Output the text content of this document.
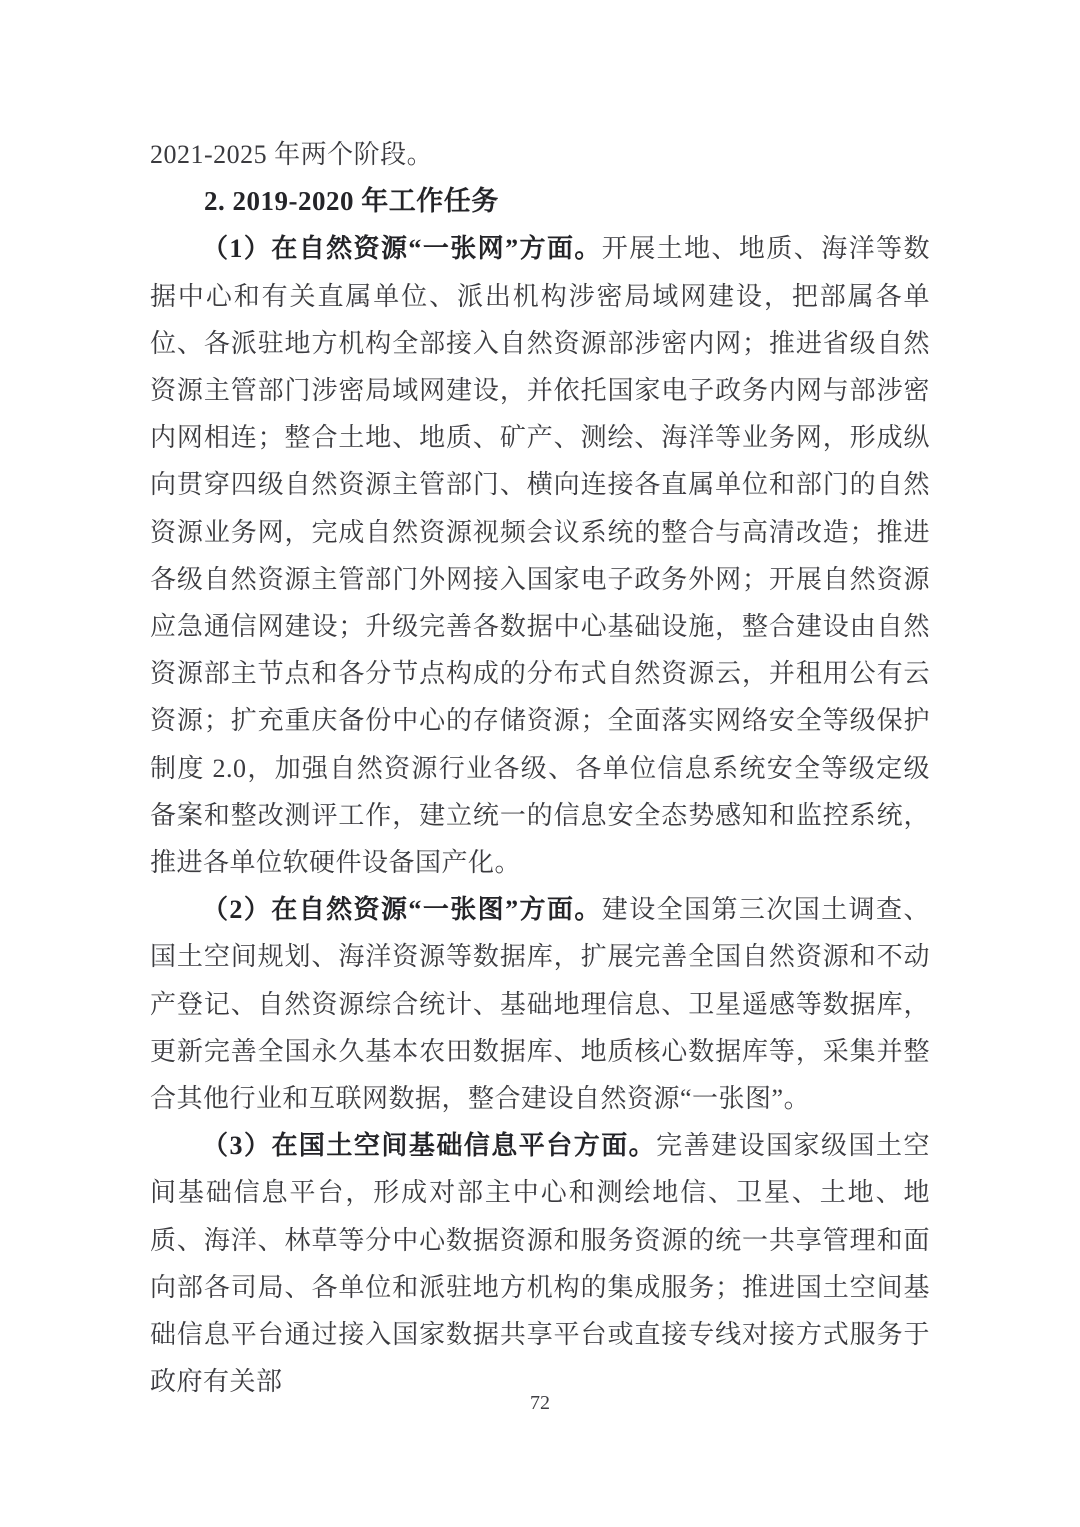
2021-2025 年两个阶段。

2. 2019-2020 年工作任务

（1）在自然资源“一张网”方面。开展土地、地质、海洋等数据中心和有关直属单位、派出机构涉密局域网建设，把部属各单位、各派驻地方机构全部接入自然资源部涉密内网；推进省级自然资源主管部门涉密局域网建设，并依托国家电子政务内网与部涉密内网相连；整合土地、地质、矿产、测绘、海洋等业务网，形成纵向贯穿四级自然资源主管部门、横向连接各直属单位和部门的自然资源业务网，完成自然资源视频会议系统的整合与高清改造；推进各级自然资源主管部门外网接入国家电子政务外网；开展自然资源应急通信网建设；升级完善各数据中心基础设施，整合建设由自然资源部主节点和各分节点构成的分布式自然资源云，并租用公有云资源；扩充重庆备份中心的存储资源；全面落实网络安全等级保护制度 2.0，加强自然资源行业各级、各单位信息系统安全等级定级备案和整改测评工作，建立统一的信息安全态势感知和监控系统，推进各单位软硬件设备国产化。

（2）在自然资源“一张图”方面。建设全国第三次国土调查、国土空间规划、海洋资源等数据库，扩展完善全国自然资源和不动产登记、自然资源综合统计、基础地理信息、卫星遥感等数据库，更新完善全国永久基本农田数据库、地质核心数据库等，采集并整合其他行业和互联网数据，整合建设自然资源“一张图”。

（3）在国土空间基础信息平台方面。完善建设国家级国土空间基础信息平台，形成对部主中心和测绘地信、卫星、土地、地质、海洋、林草等分中心数据资源和服务资源的统一共享管理和面向部各司局、各单位和派驻地方机构的集成服务；推进国土空间基础信息平台通过接入国家数据共享平台或直接专线对接方式服务于政府有关部

72
